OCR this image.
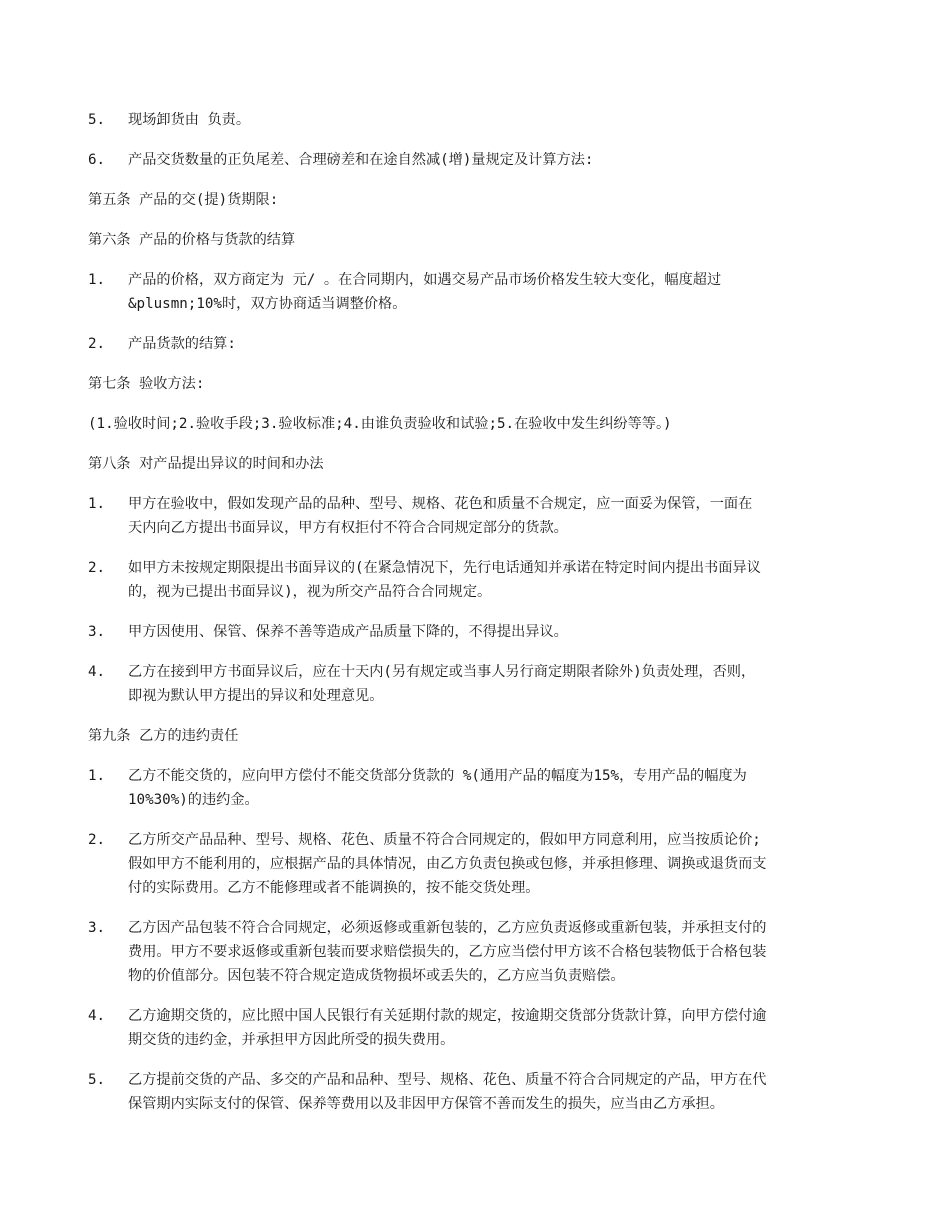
5.	现场卸货由 负责。
6.	产品交货数量的正负尾差、合理磅差和在途自然减(增)量规定及计算方法:

第五条 产品的交(提)货期限:

第六条 产品的价格与货款的结算

1.	产品的价格，双方商定为 元/ 。在合同期内，如遇交易产品市场价格发生较大变化，幅度超过
&plusmn;10%时，双方协商适当调整价格。
2.	产品货款的结算:

第七条 验收方法:

(1.验收时间;2.验收手段;3.验收标准;4.由谁负责验收和试验;5.在验收中发生纠纷等等。)

第八条 对产品提出异议的时间和办法

1.	甲方在验收中，假如发现产品的品种、型号、规格、花色和质量不合规定，应一面妥为保管，一面在
天内向乙方提出书面异议，甲方有权拒付不符合合同规定部分的货款。
2.	如甲方未按规定期限提出书面异议的(在紧急情况下，先行电话通知并承诺在特定时间内提出书面异议
的，视为已提出书面异议)，视为所交产品符合合同规定。
3.	甲方因使用、保管、保养不善等造成产品质量下降的，不得提出异议。
4.	乙方在接到甲方书面异议后，应在十天内(另有规定或当事人另行商定期限者除外)负责处理，否则，
即视为默认甲方提出的异议和处理意见。

第九条 乙方的违约责任

1.	乙方不能交货的，应向甲方偿付不能交货部分货款的 %(通用产品的幅度为15%，专用产品的幅度为
10%30%)的违约金。
2.	乙方所交产品品种、型号、规格、花色、质量不符合合同规定的，假如甲方同意利用，应当按质论价;
假如甲方不能利用的，应根据产品的具体情况，由乙方负责包换或包修，并承担修理、调换或退货而支
付的实际费用。乙方不能修理或者不能调换的，按不能交货处理。
3.	乙方因产品包装不符合合同规定，必须返修或重新包装的，乙方应负责返修或重新包装，并承担支付的
费用。甲方不要求返修或重新包装而要求赔偿损失的，乙方应当偿付甲方该不合格包装物低于合格包装
物的价值部分。因包装不符合规定造成货物损坏或丢失的，乙方应当负责赔偿。
4.	乙方逾期交货的，应比照中国人民银行有关延期付款的规定，按逾期交货部分货款计算，向甲方偿付逾
期交货的违约金，并承担甲方因此所受的损失费用。
5.	乙方提前交货的产品、多交的产品和品种、型号、规格、花色、质量不符合合同规定的产品，甲方在代
保管期内实际支付的保管、保养等费用以及非因甲方保管不善而发生的损失，应当由乙方承担。
